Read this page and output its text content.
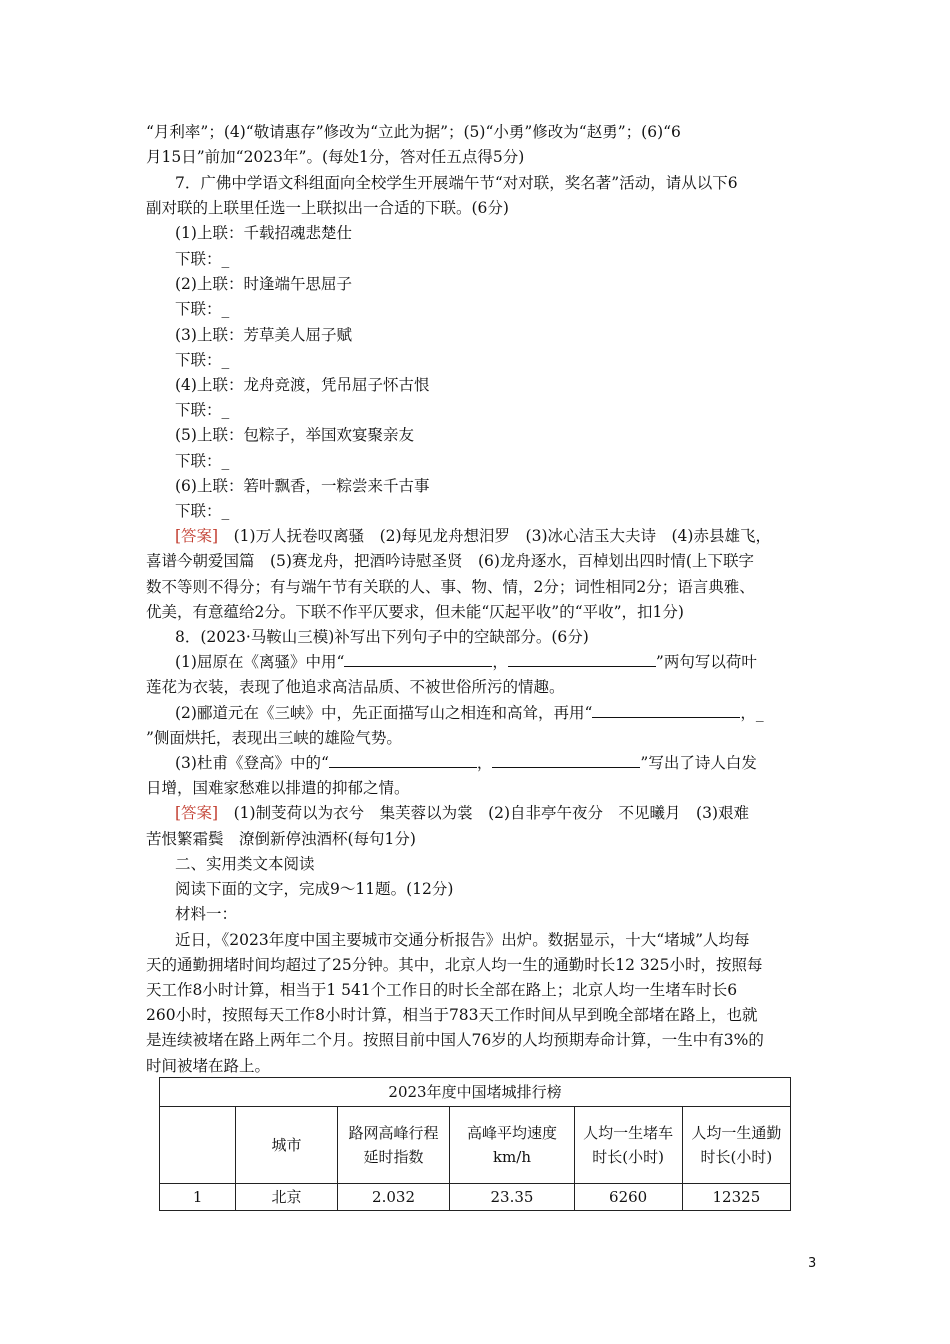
“月利率”；(4)“敬请惠存”修改为“立此为据”；(5)“小勇”修改为“赵勇”；(6)“6
月15日”前加“2023年”。(每处1分，答对任五点得5分)
7．广佛中学语文科组面向全校学生开展端午节“对对联，奖名著”活动，请从以下6
副对联的上联里任选一上联拟出一合适的下联。(6分)
(1)上联：千载招魂悲楚仕
下联：_
(2)上联：时逢端午思屈子
下联：_
(3)上联：芳草美人屈子赋
下联：_
(4)上联：龙舟竞渡，凭吊屈子怀古恨
下联：_
(5)上联：包粽子，举国欢宴聚亲友
下联：_
(6)上联：箬叶飘香，一粽尝来千古事
下联：_
[答案]　 (1)万人抚卷叹离骚　(2)每见龙舟想汨罗　(3)冰心洁玉大夫诗　(4)赤县雄飞，
喜谱今朝爱国篇　(5)赛龙舟，把酒吟诗慰圣贤　(6)龙舟逐水，百棹划出四时情(上下联字
数不等则不得分；有与端午节有关联的人、事、物、情，2分；词性相同2分；语言典雅、
优美，有意蕴给2分。下联不作平仄要求，但未能“仄起平收”的“平收”，扣1分)
8．(2023·马鞍山三模)补写出下列句子中的空缺部分。(6分)
(1)屈原在《离骚》中用“	，	”两句写以荷叶
莲花为衣装，表现了他追求高洁品质、不被世俗所污的情趣。
(2)郦道元在《三峡》中，先正面描写山之相连和高耸，再用“	，_
”侧面烘托，表现出三峡的雄险气势。
(3)杜甫《登高》中的“	，	”写出了诗人白发
日增，国难家愁难以排遣的抑郁之情。
[答案]　 (1)制芰荷以为衣兮　集芙蓉以为裳　(2)自非亭午夜分　不见曦月　(3)艰难
苦恨繁霜鬓　潦倒新停浊酒杯(每句1分)
二、实用类文本阅读
阅读下面的文字，完成9～11题。(12分)
材料一：
近日，《2023年度中国主要城市交通分析报告》出炉。数据显示，十大“堵城”人均每
天的通勤拥堵时间均超过了25分钟。其中，北京人均一生的通勤时长12 325小时，按照每
天工作8小时计算，相当于1 541个工作日的时长全部在路上；北京人均一生堵车时长6
260小时，按照每天工作8小时计算，相当于783天工作时间从早到晚全部堵在路上，也就
是连续被堵在路上两年二个月。按照目前中国人76岁的人均预期寿命计算，一生中有3%的
时间被堵在路上。
2023年度中国堵城排行榜					
	城市	路网高峰行程延时指数	高峰平均速度km/h	人均一生堵车时长(小时)	人均一生通勤时长(小时)
1	北京	2.032	23.35	6260	12325
3
